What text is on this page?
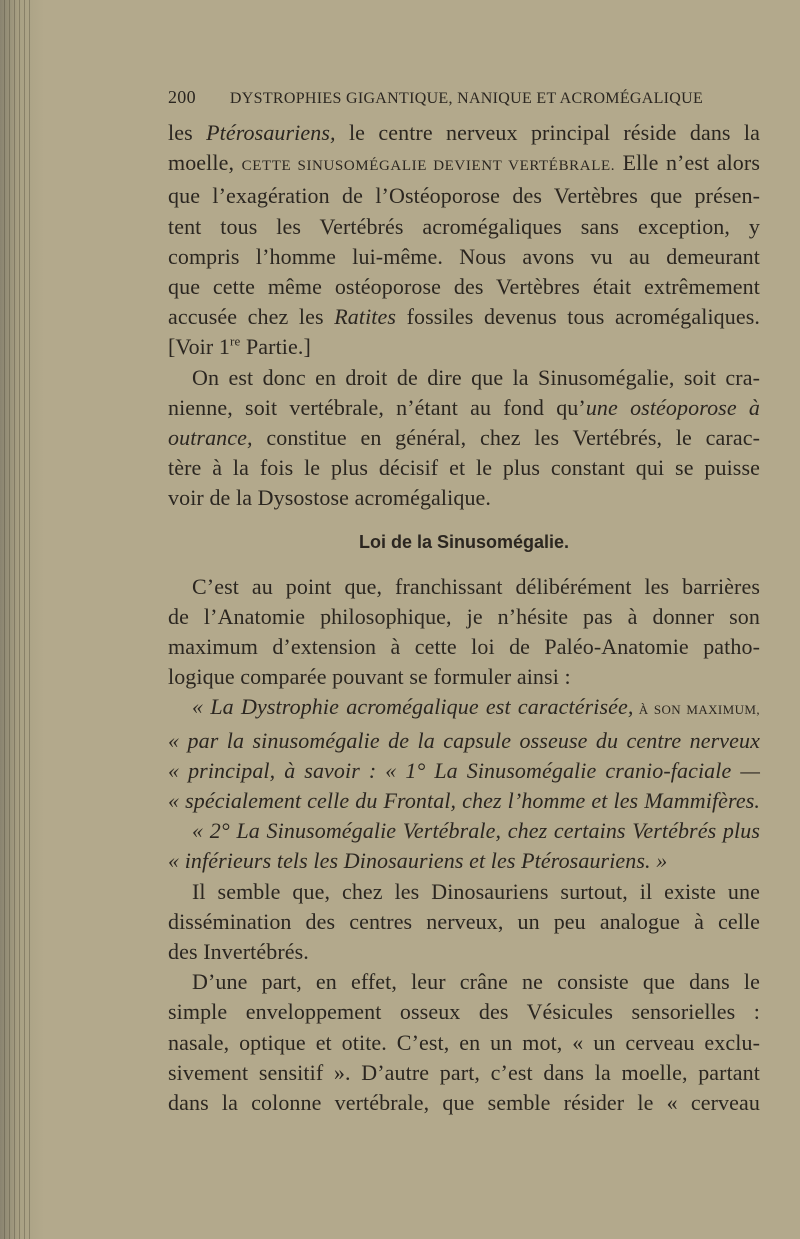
200 DYSTROPHIES GIGANTIQUE, NANIQUE ET ACROMÉGALIQUE
les Ptérosauriens, le centre nerveux principal réside dans la
moelle, CETTE SINUSOMÉGALIE DEVIENT VERTÉBRALE. Elle n’est alors
que l’exagération de l’Ostéoporose des Vertèbres que présen-
tent tous les Vertébrés acromégaliques sans exception, y
compris l’homme lui-même. Nous avons vu au demeurant
que cette même ostéoporose des Vertèbres était extrêmement
accusée chez les Ratites fossiles devenus tous acromégaliques.
[Voir 1re Partie.]
On est donc en droit de dire que la Sinusomégalie, soit cra-
nienne, soit vertébrale, n’étant au fond qu’une ostéoporose à
outrance, constitue en général, chez les Vertébrés, le carac-
tère à la fois le plus décisif et le plus constant qui se puisse
voir de la Dysostose acromégalique.
Loi de la Sinusomégalie.
C’est au point que, franchissant délibérément les barrières
de l’Anatomie philosophique, je n’hésite pas à donner son
maximum d’extension à cette loi de Paléo-Anatomie patho-
logique comparée pouvant se formuler ainsi :
« La Dystrophie acromégalique est caractérisée, À SON MAXIMUM,
« par la sinusomégalie de la capsule osseuse du centre nerveux
« principal, à savoir : « 1° La Sinusomégalie cranio-faciale —
« spécialement celle du Frontal, chez l’homme et les Mammifères.
« 2° La Sinusomégalie Vertébrale, chez certains Vertébrés plus
« inférieurs tels les Dinosauriens et les Ptérosauriens. »
Il semble que, chez les Dinosauriens surtout, il existe une
dissémination des centres nerveux, un peu analogue à celle
des Invertébrés.
D’une part, en effet, leur crâne ne consiste que dans le
simple enveloppement osseux des Vésicules sensorielles :
nasale, optique et otite. C’est, en un mot, « un cerveau exclu-
sivement sensitif ». D’autre part, c’est dans la moelle, partant
dans la colonne vertébrale, que semble résider le « cerveau
